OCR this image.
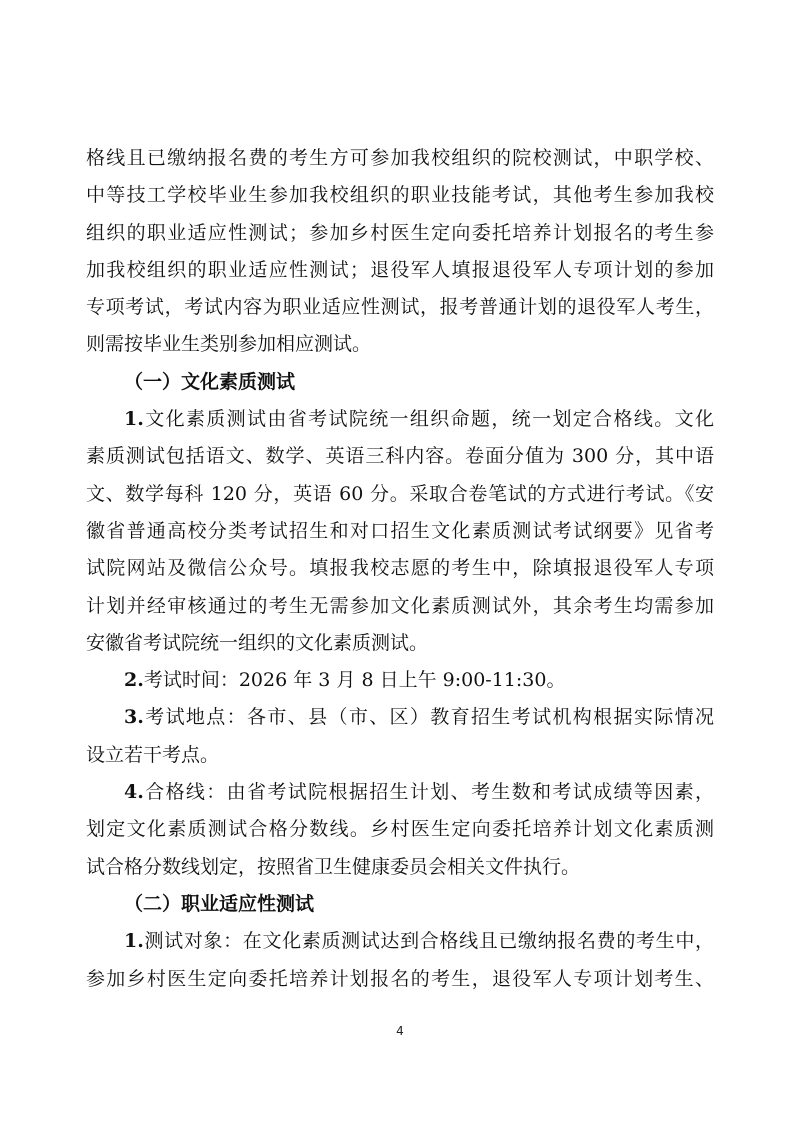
格线且已缴纳报名费的考生方可参加我校组织的院校测试，中职学校、
中等技工学校毕业生参加我校组织的职业技能考试，其他考生参加我校
组织的职业适应性测试；参加乡村医生定向委托培养计划报名的考生参
加我校组织的职业适应性测试；退役军人填报退役军人专项计划的参加
专项考试，考试内容为职业适应性测试，报考普通计划的退役军人考生，
则需按毕业生类别参加相应测试。
（一）文化素质测试
1.文化素质测试由省考试院统一组织命题，统一划定合格线。文化
素质测试包括语文、数学、英语三科内容。卷面分值为 300 分，其中语
文、数学每科 120 分，英语 60 分。采取合卷笔试的方式进行考试。《安
徽省普通高校分类考试招生和对口招生文化素质测试考试纲要》见省考
试院网站及微信公众号。填报我校志愿的考生中，除填报退役军人专项
计划并经审核通过的考生无需参加文化素质测试外，其余考生均需参加
安徽省考试院统一组织的文化素质测试。
2.考试时间：2026 年 3 月 8 日上午 9:00-11:30。
3.考试地点：各市、县（市、区）教育招生考试机构根据实际情况
设立若干考点。
4.合格线：由省考试院根据招生计划、考生数和考试成绩等因素，
划定文化素质测试合格分数线。乡村医生定向委托培养计划文化素质测
试合格分数线划定，按照省卫生健康委员会相关文件执行。
（二）职业适应性测试
1.测试对象：在文化素质测试达到合格线且已缴纳报名费的考生中，
参加乡村医生定向委托培养计划报名的考生，退役军人专项计划考生、
4
